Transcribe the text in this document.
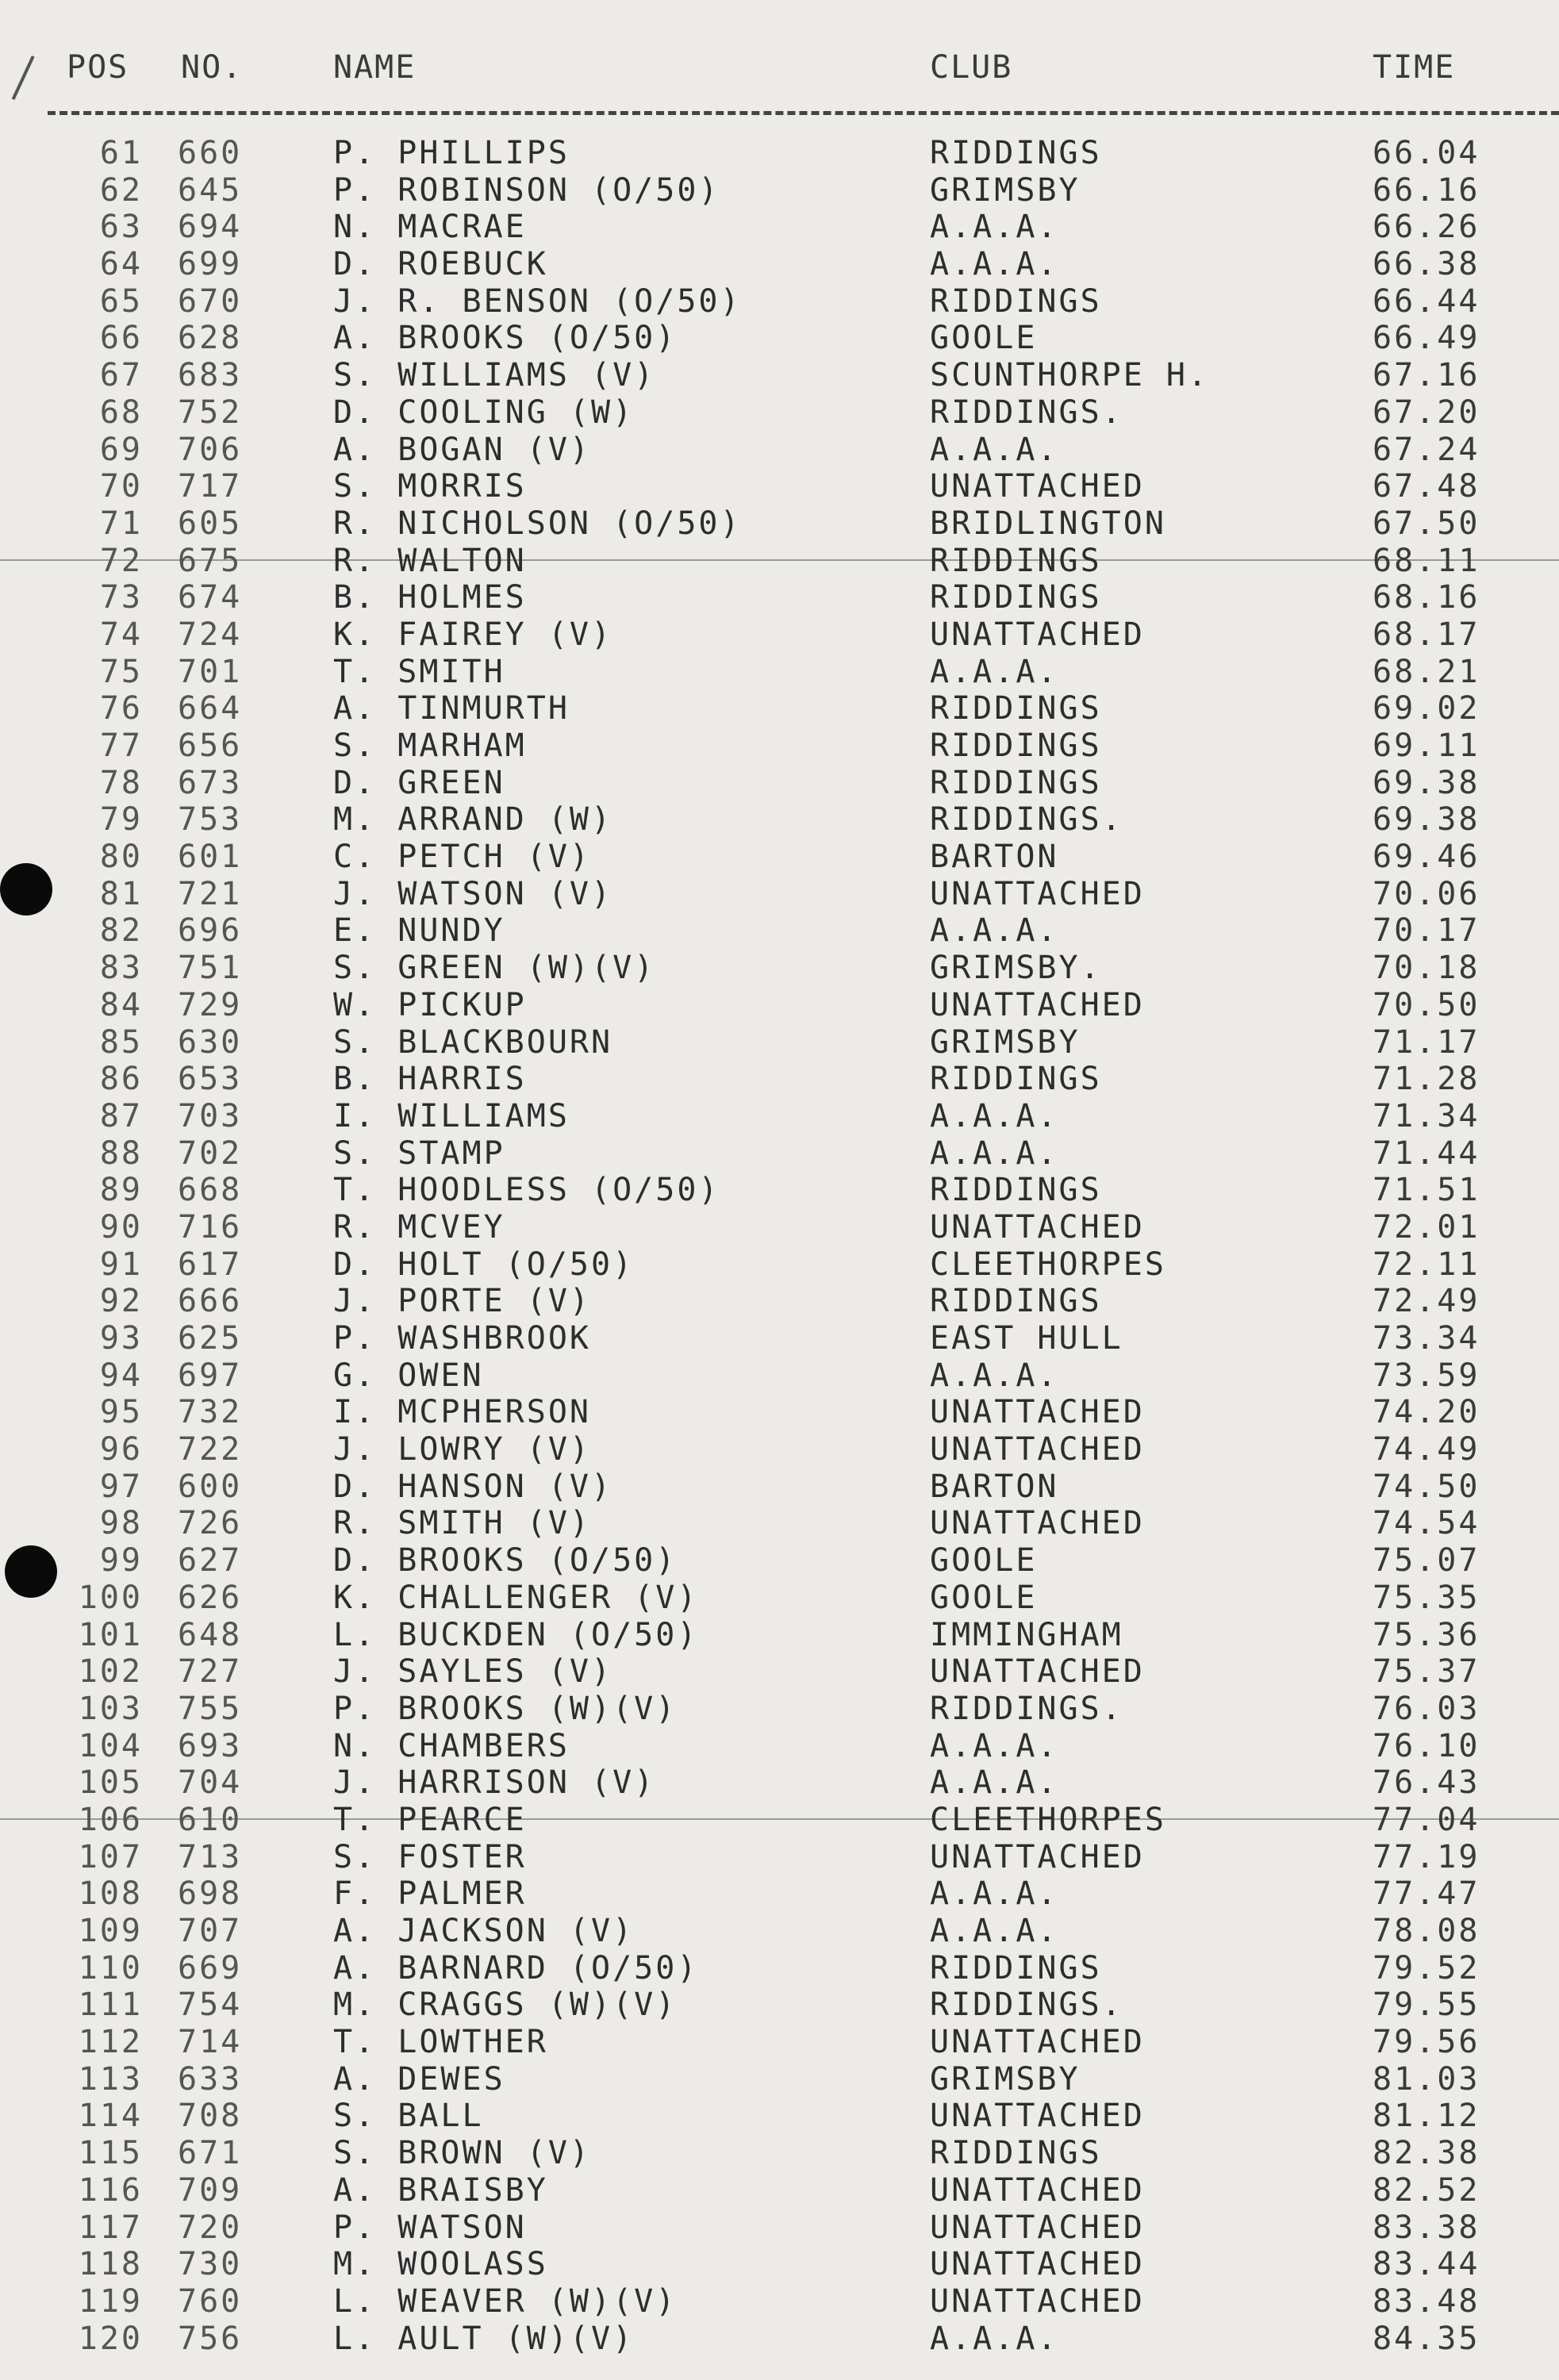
POS NO.	NAME	CLUB	TIME
61 660	P. PHILLIPS	RIDDINGS	66.04
62 645	P. ROBINSON (O/50)	GRIMSBY	66.16
63 694	N. MACRAE	A.A.A.	66.26
64 699	D. ROEBUCK	A.A.A.	66.38
65 670	J. R. BENSON (O/50)	RIDDINGS	66.44
66 628	A. BROOKS (O/50)	GOOLE	66.49
67 683	S. WILLIAMS (V)	SCUNTHORPE H.	67.16
68 752	D. COOLING (W)	RIDDINGS.	67.20
69 706	A. BOGAN (V)	A.A.A.	67.24
70 717	S. MORRIS	UNATTACHED	67.48
71 605	R. NICHOLSON (O/50)	BRIDLINGTON	67.50
72 675	R. WALTON	RIDDINGS	68.11
73 674	B. HOLMES	RIDDINGS	68.16
74 724	K. FAIREY (V)	UNATTACHED	68.17
75 701	T. SMITH	A.A.A.	68.21
76 664	A. TINMURTH	RIDDINGS	69.02
77 656	S. MARHAM	RIDDINGS	69.11
78 673	D. GREEN	RIDDINGS	69.38
79 753	M. ARRAND (W)	RIDDINGS.	69.38
80 601	C. PETCH (V)	BARTON	69.46
81 721	J. WATSON (V)	UNATTACHED	70.06
82 696	E. NUNDY	A.A.A.	70.17
83 751	S. GREEN (W)(V)	GRIMSBY.	70.18
84 729	W. PICKUP	UNATTACHED	70.50
85 630	S. BLACKBOURN	GRIMSBY	71.17
86 653	B. HARRIS	RIDDINGS	71.28
87 703	I. WILLIAMS	A.A.A.	71.34
88 702	S. STAMP	A.A.A.	71.44
89 668	T. HOODLESS (O/50)	RIDDINGS	71.51
90 716	R. MCVEY	UNATTACHED	72.01
91 617	D. HOLT (O/50)	CLEETHORPES	72.11
92 666	J. PORTE (V)	RIDDINGS	72.49
93 625	P. WASHBROOK	EAST HULL	73.34
94 697	G. OWEN	A.A.A.	73.59
95 732	I. MCPHERSON	UNATTACHED	74.20
96 722	J. LOWRY (V)	UNATTACHED	74.49
97 600	D. HANSON (V)	BARTON	74.50
98 726	R. SMITH (V)	UNATTACHED	74.54
99 627	D. BROOKS (O/50)	GOOLE	75.07
100 626	K. CHALLENGER (V)	GOOLE	75.35
101 648	L. BUCKDEN (O/50)	IMMINGHAM	75.36
102 727	J. SAYLES (V)	UNATTACHED	75.37
103 755	P. BROOKS (W)(V)	RIDDINGS.	76.03
104 693	N. CHAMBERS	A.A.A.	76.10
105 704	J. HARRISON (V)	A.A.A.	76.43
106 610	T. PEARCE	CLEETHORPES	77.04
107 713	S. FOSTER	UNATTACHED	77.19
108 698	F. PALMER	A.A.A.	77.47
109 707	A. JACKSON (V)	A.A.A.	78.08
110 669	A. BARNARD (O/50)	RIDDINGS	79.52
111 754	M. CRAGGS (W)(V)	RIDDINGS.	79.55
112 714	T. LOWTHER	UNATTACHED	79.56
113 633	A. DEWES	GRIMSBY	81.03
114 708	S. BALL	UNATTACHED	81.12
115 671	S. BROWN (V)	RIDDINGS	82.38
116 709	A. BRAISBY	UNATTACHED	82.52
117 720	P. WATSON	UNATTACHED	83.38
118 730	M. WOOLASS	UNATTACHED	83.44
119 760	L. WEAVER (W)(V)	UNATTACHED	83.48
120 756	L. AULT (W)(V)	A.A.A.	84.35
